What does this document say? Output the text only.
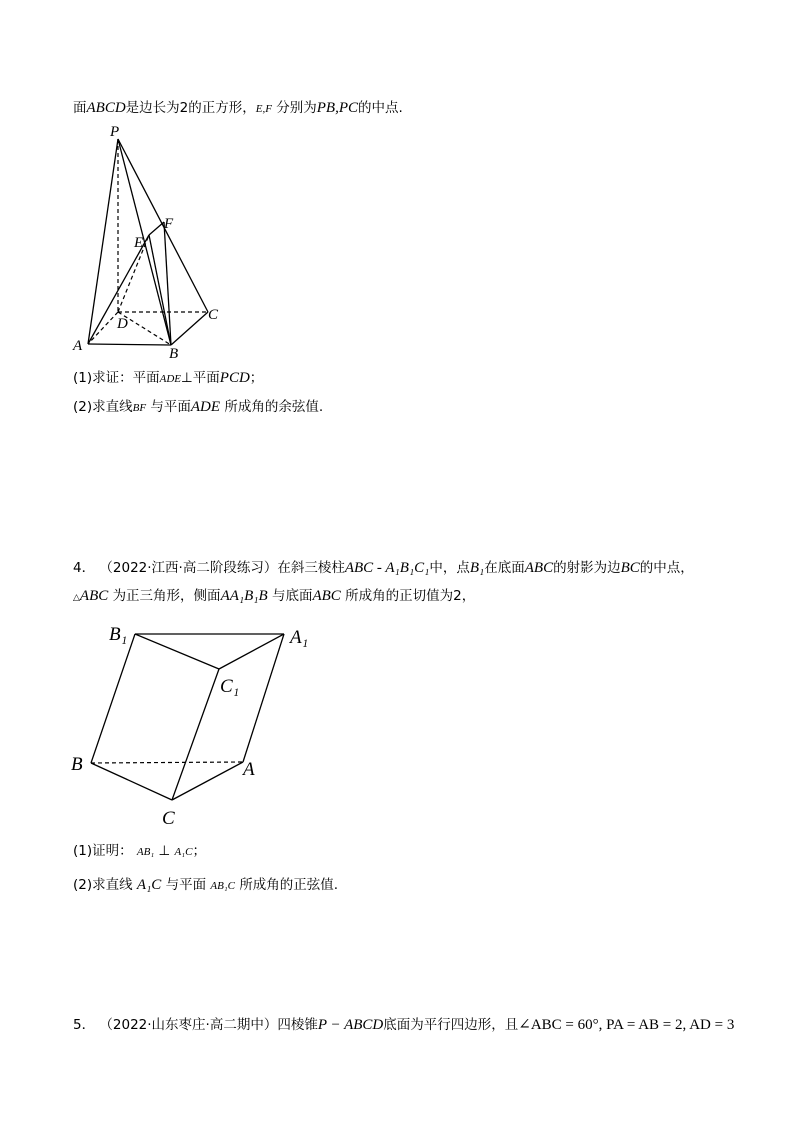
面ABCD是边长为2的正方形，E,F 分别为PB,PC的中点.
P
E
F
D
C
A	B
(1)求证：平面ADE⊥平面PCD；
(2)求直线BF 与平面ADE 所成角的余弦值.
4． （2022·江西·高二阶段练习）在斜三棱柱ABC - A₁B₁C₁中，点B₁在底面ABC的射影为边BC的中点，
△ABC 为正三角形，侧面AA₁B₁B 与底面ABC 所成角的正切值为2，
B₁	A₁
C₁
B	A
C
(1)证明： AB₁ ⊥ A₁C；
(2)求直线 A₁C 与平面 AB₁C 所成角的正弦值.
5． （2022·山东枣庄·高二期中）四棱锥P − ABCD底面为平行四边形，且∠ABC = 60°, PA = AB = 2, AD = 3
